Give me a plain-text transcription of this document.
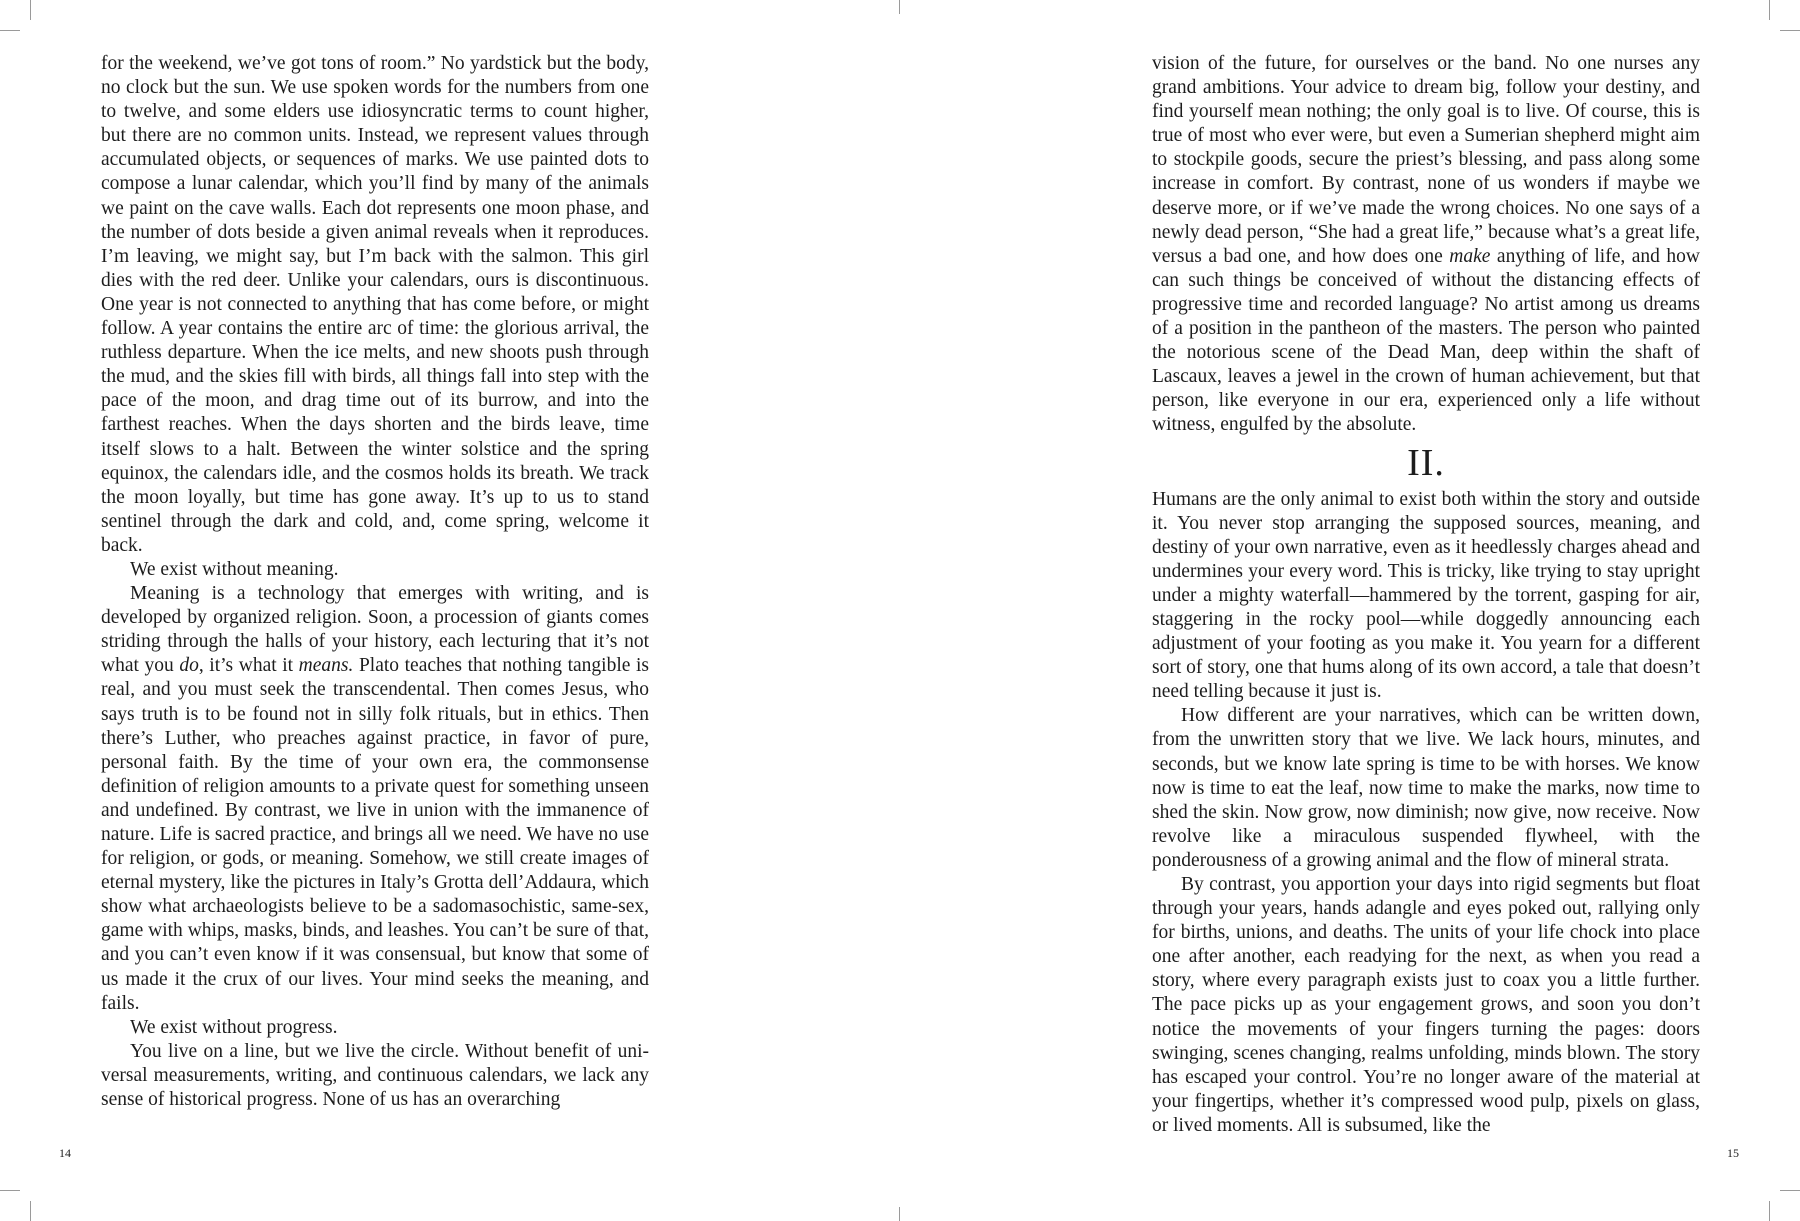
for the weekend, we’ve got tons of room.” No yardstick but the body, no clock but the sun. We use spoken words for the numbers from one to twelve, and some elders use idiosyncratic terms to count higher, but there are no common units. Instead, we represent values through accumulated objects, or sequences of marks. We use painted dots to compose a lunar calendar, which you’ll find by many of the animals we paint on the cave walls. Each dot represents one moon phase, and the number of dots beside a given animal reveals when it reproduces. I’m leaving, we might say, but I’m back with the salmon. This girl dies with the red deer. Unlike your calendars, ours is discontinuous. One year is not connected to anything that has come before, or might follow. A year contains the entire arc of time: the glorious arrival, the ruthless departure. When the ice melts, and new shoots push through the mud, and the skies fill with birds, all things fall into step with the pace of the moon, and drag time out of its burrow, and into the farthest reaches. When the days shorten and the birds leave, time itself slows to a halt. Between the winter solstice and the spring equinox, the calendars idle, and the cosmos holds its breath. We track the moon loyally, but time has gone away. It’s up to us to stand sentinel through the dark and cold, and, come spring, welcome it back.

We exist without meaning.

Meaning is a technology that emerges with writing, and is developed by organized religion. Soon, a procession of giants comes striding through the halls of your history, each lecturing that it’s not what you do, it’s what it means. Plato teaches that nothing tangible is real, and you must seek the transcendental. Then comes Jesus, who says truth is to be found not in silly folk rituals, but in ethics. Then there’s Luther, who preaches against practice, in favor of pure, personal faith. By the time of your own era, the commonsense definition of religion amounts to a private quest for something unseen and undefined. By contrast, we live in union with the immanence of nature. Life is sacred practice, and brings all we need. We have no use for religion, or gods, or meaning. Somehow, we still create images of eternal mystery, like the pictures in Italy’s Grotta dell’Addaura, which show what archaeologists believe to be a sadomasochistic, same-sex, game with whips, masks, binds, and leashes. You can’t be sure of that, and you can’t even know if it was consensual, but know that some of us made it the crux of our lives. Your mind seeks the meaning, and fails.

We exist without progress.

You live on a line, but we live the circle. Without benefit of universal measurements, writing, and continuous calendars, we lack any sense of historical progress. None of us has an overarching

14

vision of the future, for ourselves or the band. No one nurses any grand ambitions. Your advice to dream big, follow your destiny, and find yourself mean nothing; the only goal is to live. Of course, this is true of most who ever were, but even a Sumerian shepherd might aim to stockpile goods, secure the priest’s blessing, and pass along some increase in comfort. By contrast, none of us wonders if maybe we deserve more, or if we’ve made the wrong choices. No one says of a newly dead person, “She had a great life,” because what’s a great life, versus a bad one, and how does one make anything of life, and how can such things be conceived of without the distancing effects of progressive time and recorded language? No artist among us dreams of a position in the pantheon of the masters. The person who painted the notorious scene of the Dead Man, deep within the shaft of Lascaux, leaves a jewel in the crown of human achievement, but that person, like everyone in our era, experienced only a life without witness, engulfed by the absolute.

II.

Humans are the only animal to exist both within the story and outside it. You never stop arranging the supposed sources, meaning, and destiny of your own narrative, even as it heedlessly charges ahead and undermines your every word. This is tricky, like trying to stay upright under a mighty waterfall—hammered by the torrent, gasping for air, staggering in the rocky pool—while doggedly announcing each adjustment of your footing as you make it. You yearn for a different sort of story, one that hums along of its own accord, a tale that doesn’t need telling because it just is.

How different are your narratives, which can be written down, from the unwritten story that we live. We lack hours, minutes, and seconds, but we know late spring is time to be with horses. We know now is time to eat the leaf, now time to make the marks, now time to shed the skin. Now grow, now diminish; now give, now receive. Now revolve like a miraculous suspended flywheel, with the ponderousness of a growing animal and the flow of mineral strata.

By contrast, you apportion your days into rigid segments but float through your years, hands adangle and eyes poked out, rallying only for births, unions, and deaths. The units of your life chock into place one after another, each readying for the next, as when you read a story, where every paragraph exists just to coax you a little further. The pace picks up as your engagement grows, and soon you don’t notice the movements of your fingers turning the pages: doors swinging, scenes changing, realms unfolding, minds blown. The story has escaped your control. You’re no longer aware of the material at your fingertips, whether it’s compressed wood pulp, pixels on glass, or lived moments. All is subsumed, like the

15
